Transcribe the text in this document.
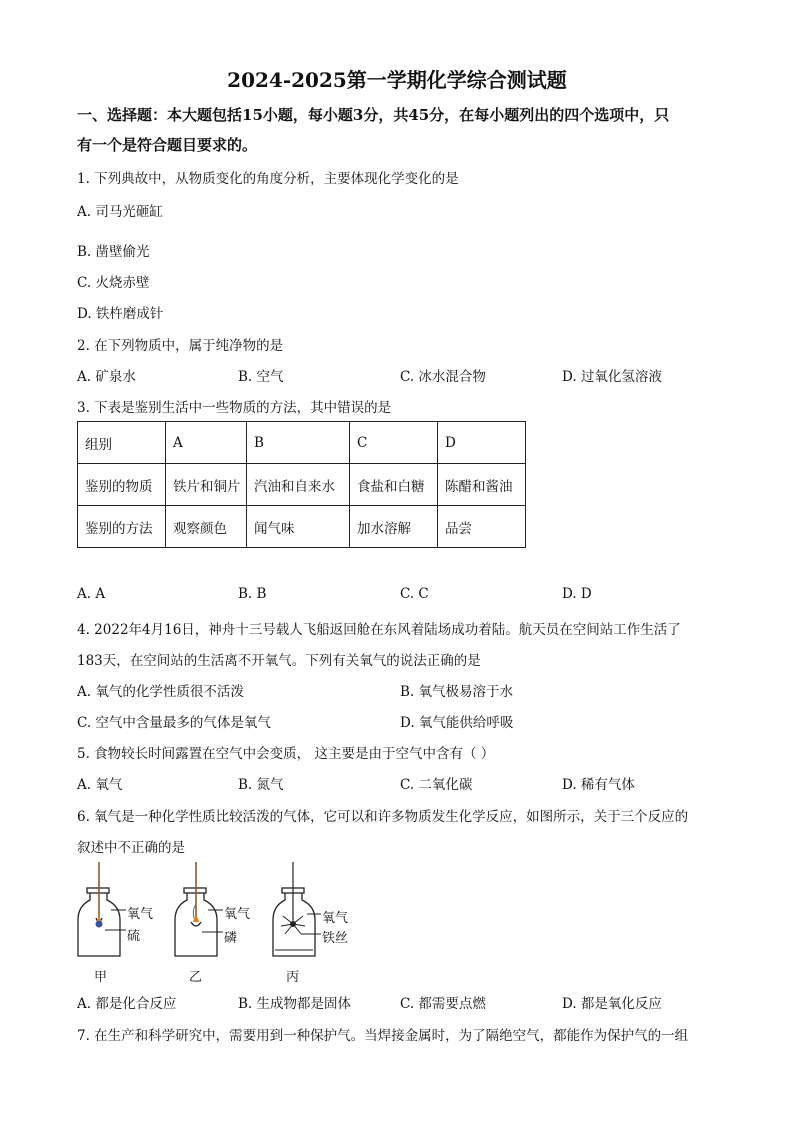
2024-2025第一学期化学综合测试题
一、选择题：本大题包括15小题，每小题3分，共45分，在每小题列出的四个选项中，只
有一个是符合题目要求的。
1. 下列典故中，从物质变化的角度分析，主要体现化学变化的是
A. 司马光砸缸
B. 凿壁偷光
C. 火烧赤壁
D. 铁杵磨成针
2. 在下列物质中，属于纯净物的是
A. 矿泉水	B. 空气	C. 冰水混合物	D. 过氧化氢溶液
3. 下表是鉴别生活中一些物质的方法，其中错误的是
组别	A	B	C	D
鉴别的物质	铁片和铜片	汽油和自来水	食盐和白糖	陈醋和酱油
鉴别的方法	观察颜色	闻气味	加水溶解	品尝
A. A	B. B	C. C	D. D
4. 2022年4月16日，神舟十三号载人飞船返回舱在东风着陆场成功着陆。航天员在空间站工作生活了
183天，在空间站的生活离不开氧气。下列有关氧气的说法正确的是
A. 氧气的化学性质很不活泼	B. 氧气极易溶于水
C. 空气中含量最多的气体是氧气	D. 氧气能供给呼吸
5. 食物较长时间露置在空气中会变质， 这主要是由于空气中含有（ ）
A. 氧气	B. 氮气	C. 二氧化碳	D. 稀有气体
6. 氧气是一种化学性质比较活泼的气体，它可以和许多物质发生化学反应，如图所示，关于三个反应的
叙述中不正确的是
氧气
硫
甲
氧气
磷
乙
氧气
铁丝
丙
A. 都是化合反应	B. 生成物都是固体	C. 都需要点燃	D. 都是氧化反应
7. 在生产和科学研究中，需要用到一种保护气。当焊接金属时，为了隔绝空气，都能作为保护气的一组
